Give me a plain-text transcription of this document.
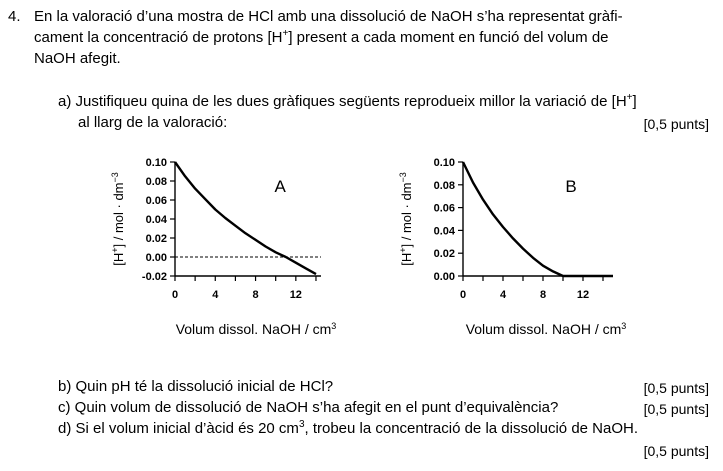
4. En la valoració d’una mostra de HCl amb una dissolució de NaOH s’ha representat gràfi-
cament la concentració de protons [H+] present a cada moment en funció del volum de
NaOH afegit.
a) Justifiqueu quina de les dues gràfiques següents reprodueix millor la variació de [H+]
al llarg de la valoració:	[0,5 punts]
0.10
0.08
0.06
0.04
0.02
0.00
-0.02
0	4	8	12
A
[H+] / mol · $dm^{-3}$
Volum dissol. NaOH / $cm^3$
0.10
0.08
0.06
0.04
0.02
0.00
0	4	8	12
B
[H+] / mol · $dm^{-3}$
Volum dissol. NaOH / $cm^3$
b) Quin pH té la dissolució inicial de HCl?	[0,5 punts]
c) Quin volum de dissolució de NaOH s’ha afegit en el punt d’equivalència?	[0,5 punts]
d) Si el volum inicial d’àcid és 20 $cm^3$, trobeu la concentració de la dissolució de NaOH.
[0,5 punts]
